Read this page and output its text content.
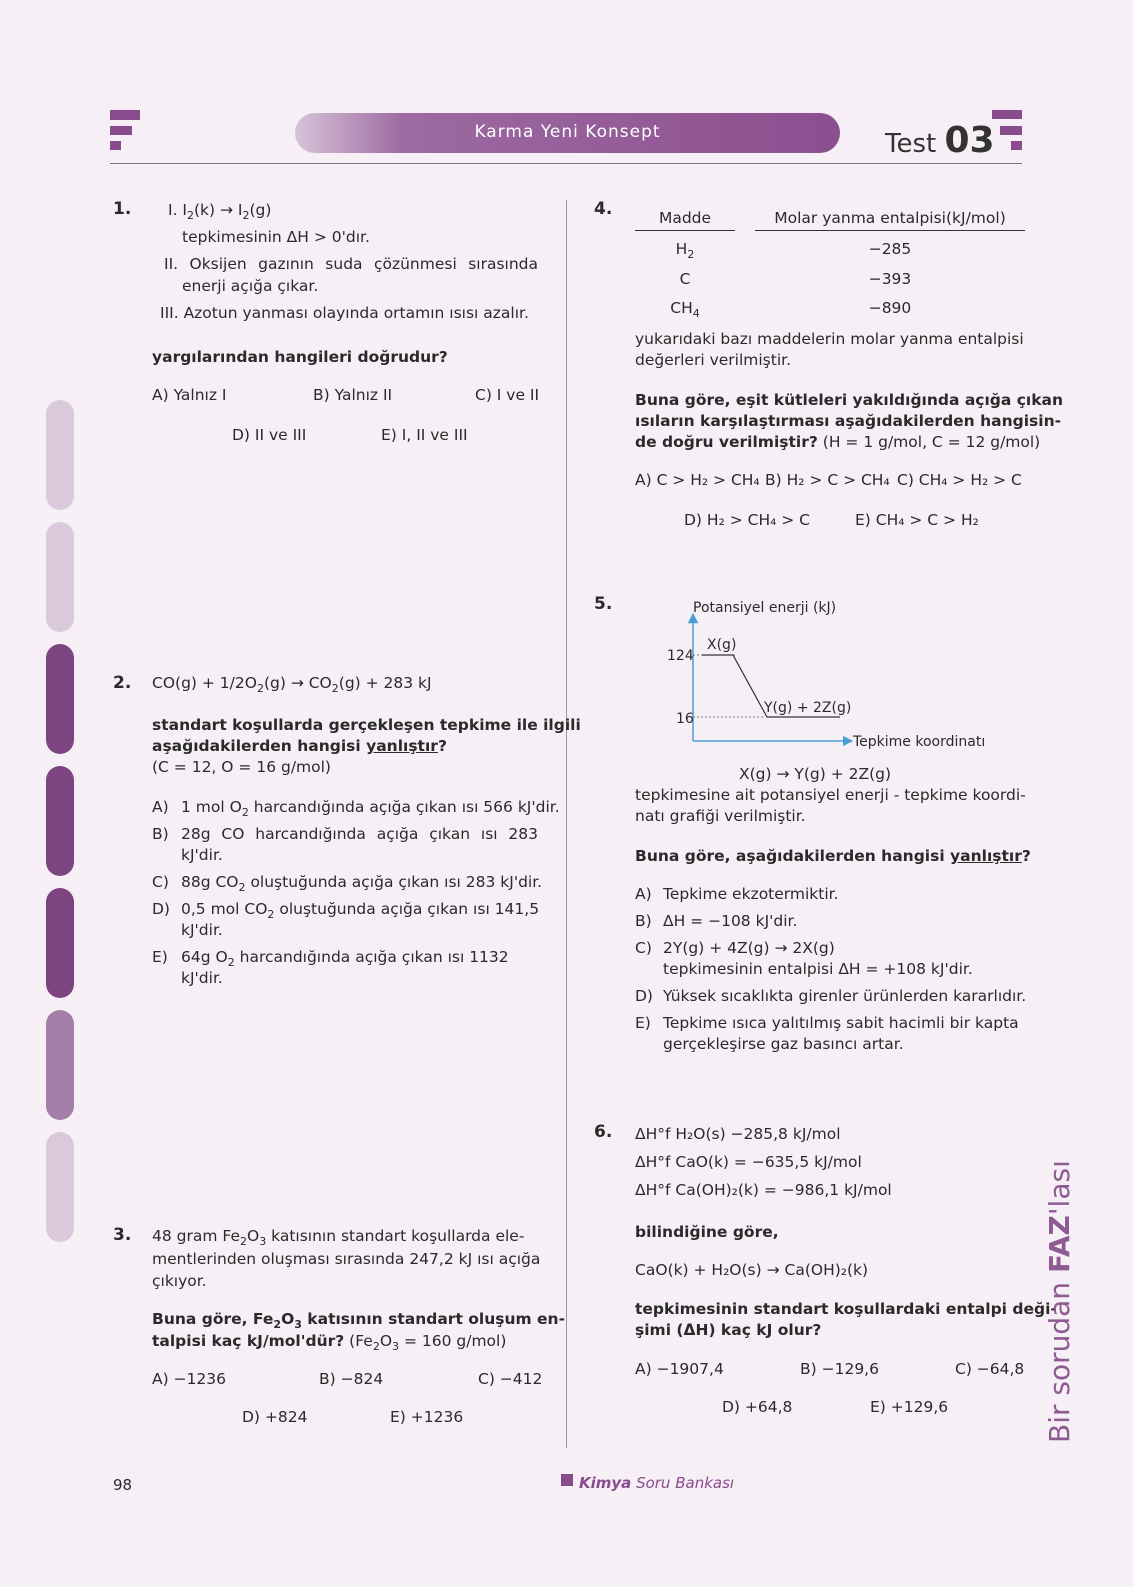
Karma Yeni Konsept	Test 03
1. I. $I_2(k) \to I_2(g)$
tepkimesinin ΔH > 0'dır.
II. Oksijen gazının suda çözünmesi sırasında
enerji açığa çıkar.
III. Azotun yanması olayında ortamın ısısı azalır.
yargılarından hangileri doğrudur?
A) Yalnız I	B) Yalnız II	C) I ve II
D) II ve III	E) I, II ve III
2. $CO(g) + 1/2O_2(g) \to CO_2(g) + 283$ kJ
standart koşullarda gerçekleşen tepkime ile ilgili
aşağıdakilerden hangisi yanlıştır?
(C = 12, O = 16 g/mol)
A) 1 mol $O_2$ harcandığında açığa çıkan ısı 566 kJ'dir.
B) 28g CO harcandığında açığa çıkan ısı 283
kJ'dir.
C) 88g $CO_2$ oluştuğunda açığa çıkan ısı 283 kJ'dir.
D) 0,5 mol $CO_2$ oluştuğunda açığa çıkan ısı 141,5
kJ'dir.
E) 64g $O_2$ harcandığında açığa çıkan ısı 1132
kJ'dir.
3. 48 gram $Fe_2O_3$ katısının standart koşullarda ele-
mentlerinden oluşması sırasında 247,2 kJ ısı açığa
çıkıyor.
Buna göre, $Fe_2O_3$ katısının standart oluşum en-
talpisi kaç kJ/mol'dür? ($Fe_2O_3 = 160$ g/mol)
A) −1236	B) −824	C) −412
D) +824	E) +1236
4.	Madde	Molar yanma entalpisi(kJ/mol)
$H_2$	−285
C	−393
$CH_4$	−890
yukarıdaki bazı maddelerin molar yanma entalpisi
değerleri verilmiştir.
Buna göre, eşit kütleleri yakıldığında açığa çıkan
ısıların karşılaştırması aşağıdakilerden hangisin-
de doğru verilmiştir? (H = 1 g/mol, C = 12 g/mol)
A) C > H₂ > CH₄ B) H₂ > C > CH₄ C) CH₄ > H₂ > C
D) H₂ > CH₄ > C	E) CH₄ > C > H₂
5.	Potansiyel enerji (kJ)
Tepkime koordinatı
124
16
X(g)
Y(g) + 2Z(g)
X(g) → Y(g) + 2Z(g)
tepkimesine ait potansiyel enerji - tepkime koordi-
natı grafiği verilmiştir.
Buna göre, aşağıdakilerden hangisi yanlıştır?
A) Tepkime ekzotermiktir.
B) ΔH = −108 kJ'dir.
C) 2Y(g) + 4Z(g) → 2X(g)
tepkimesinin entalpisi ΔH = +108 kJ'dir.
D) Yüksek sıcaklıkta girenler ürünlerden kararlıdır.
E) Tepkime ısıca yalıtılmış sabit hacimli bir kapta
gerçekleşirse gaz basıncı artar.
6. ΔH°f H₂O(s) −285,8 kJ/mol
ΔH°f CaO(k) = −635,5 kJ/mol
ΔH°f Ca(OH)₂(k) = −986,1 kJ/mol
bilindiğine göre,
CaO(k) + H₂O(s) → Ca(OH)₂(k)
tepkimesinin standart koşullardaki entalpi deği-
şimi (ΔH) kaç kJ olur?
A) −1907,4	B) −129,6	C) −64,8
D) +64,8	E) +129,6	Bir sorudan FAZ'lası
98	Kimya Soru Bankası
